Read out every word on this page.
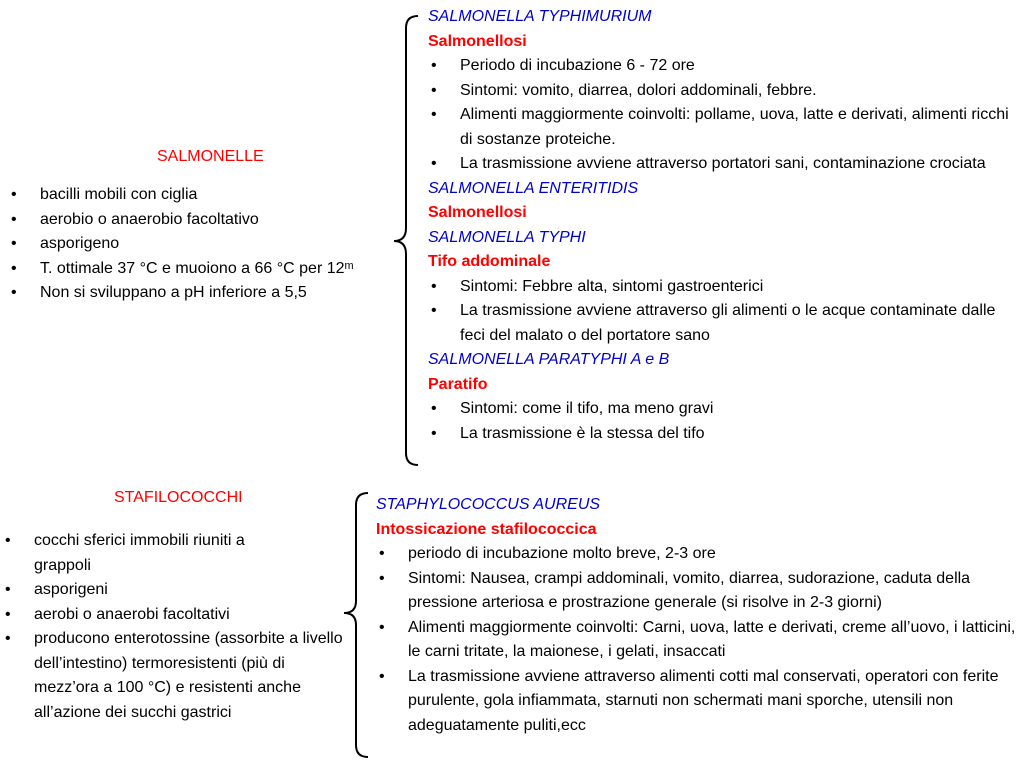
SALMONELLE
• bacilli mobili con ciglia
• aerobio o anaerobio facoltativo
• asporigeno
• T. ottimale 37 °C e muoiono a 66 °C per 12ᵐ
• Non si sviluppano a pH inferiore a 5,5
SALMONELLA TYPHIMURIUM
Salmonellosi
• Periodo di incubazione 6 - 72 ore
• Sintomi: vomito, diarrea, dolori addominali, febbre.
• Alimenti maggiormente coinvolti: pollame, uova, latte e derivati, alimenti ricchi di sostanze proteiche.
• La trasmissione avviene attraverso portatori sani, contaminazione crociata
SALMONELLA ENTERITIDIS
Salmonellosi
SALMONELLA TYPHI
Tifo addominale
• Sintomi: Febbre alta, sintomi gastroenterici
• La trasmissione avviene attraverso gli alimenti o le acque contaminate dalle feci del malato o del portatore sano
SALMONELLA PARATYPHI A e B
Paratifo
• Sintomi: come il tifo, ma meno gravi
• La trasmissione è la stessa del tifo
STAFILOCOCCHI
• cocchi sferici immobili riuniti a grappoli
• asporigeni
• aerobi o anaerobi facoltativi
• producono enterotossine (assorbite a livello dell’intestino) termoresistenti (più di mezz’ora a 100 °C) e resistenti anche all’azione dei succhi gastrici
STAPHYLOCOCCUS AUREUS
Intossicazione stafilococcica
• periodo di incubazione molto breve, 2-3 ore
• Sintomi: Nausea, crampi addominali, vomito, diarrea, sudorazione, caduta della pressione arteriosa e prostrazione generale (si risolve in 2-3 giorni)
• Alimenti maggiormente coinvolti: Carni, uova, latte e derivati, creme all’uovo, i latticini, le carni tritate, la maionese, i gelati, insaccati
• La trasmissione avviene attraverso alimenti cotti mal conservati, operatori con ferite purulente, gola infiammata, starnuti non schermati mani sporche, utensili non adeguatamente puliti,ecc
